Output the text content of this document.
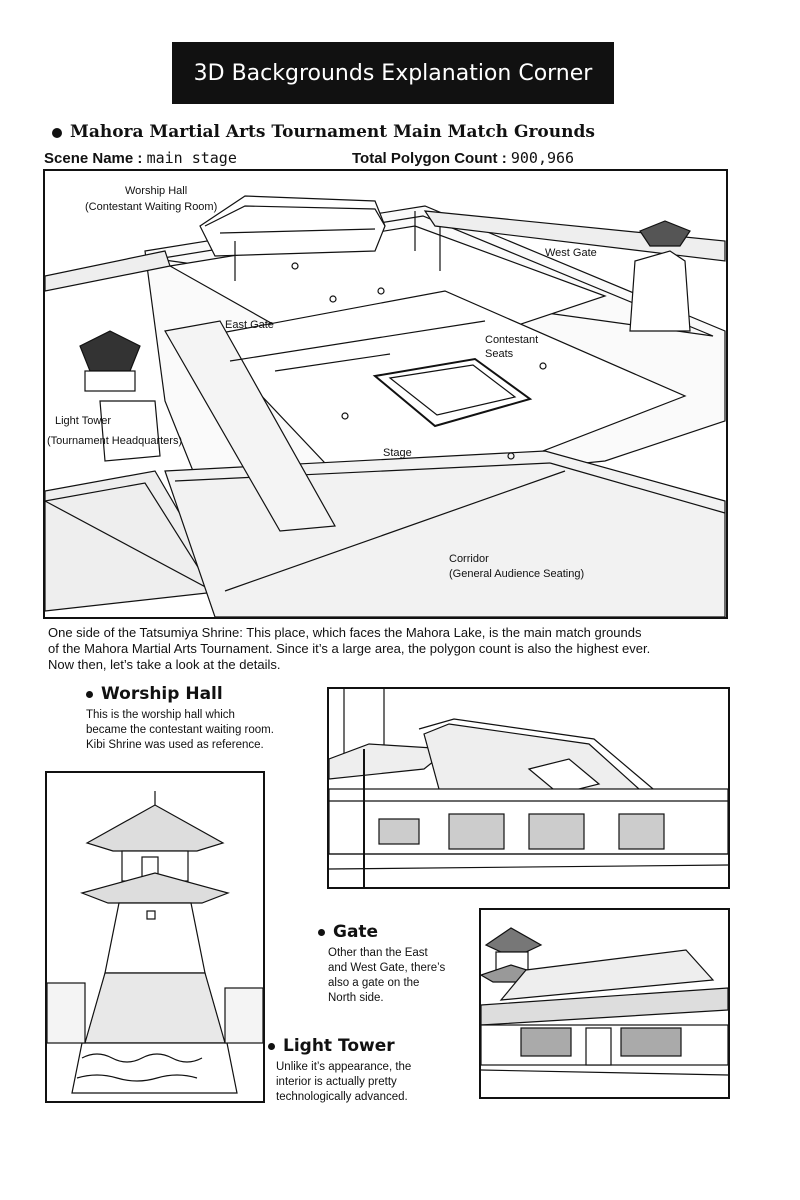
3D Backgrounds Explanation Corner
Mahora Martial Arts Tournament Main Match Grounds
Scene Name : main stage	Total Polygon Count : 900,966
Worship Hall
(Contestant Waiting Room)
West Gate
East Gate
Contestant
Seats
Light Tower
(Tournament Headquarters)
Stage
Corridor
(General Audience Seating)
One side of the Tatsumiya Shrine: This place, which faces the Mahora Lake, is the main match grounds
of the Mahora Martial Arts Tournament. Since it’s a large area, the polygon count is also the highest ever.
Now then, let’s take a look at the details.
Worship Hall
This is the worship hall which
became the contestant waiting room.
Kibi Shrine was used as reference.
Gate
Other than the East
and West Gate, there’s
also a gate on the
North side.
Light Tower
Unlike it’s appearance, the
interior is actually pretty
technologically advanced.
